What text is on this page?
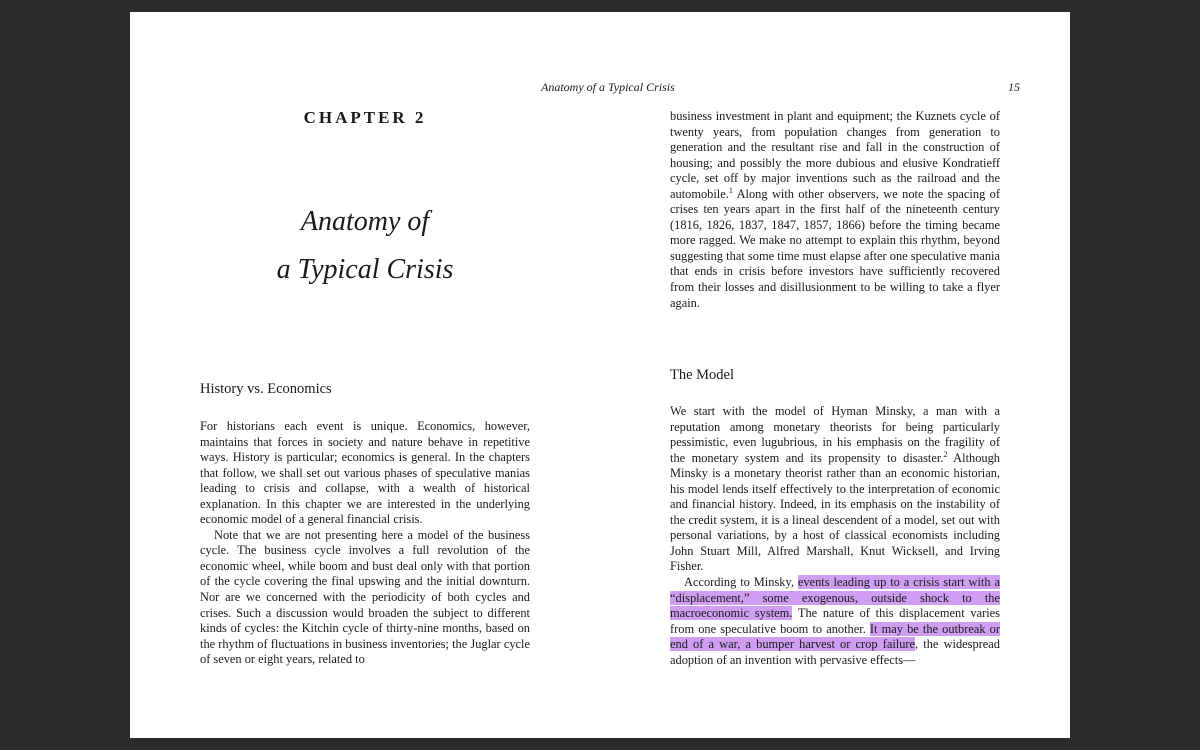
CHAPTER 2
Anatomy of
a Typical Crisis
History vs. Economics

For historians each event is unique. Economics, however, maintains that forces in society and nature behave in repetitive ways. History is particular; economics is general. In the chapters that follow, we shall set out various phases of speculative manias leading to crisis and collapse, with a wealth of historical explanation. In this chapter we are interested in the underlying economic model of a general financial crisis.

Note that we are not presenting here a model of the business cycle. The business cycle involves a full revolution of the economic wheel, while boom and bust deal only with that portion of the cycle covering the final upswing and the initial downturn. Nor are we concerned with the periodicity of both cycles and crises. Such a discussion would broaden the subject to different kinds of cycles: the Kitchin cycle of thirty-nine months, based on the rhythm of fluctuations in business inventories; the Juglar cycle of seven or eight years, related to

Anatomy of a Typical Crisis	15

business investment in plant and equipment; the Kuznets cycle of twenty years, from population changes from generation to generation and the resultant rise and fall in the construction of housing; and possibly the more dubious and elusive Kondratieff cycle, set off by major inventions such as the railroad and the automobile.$^1$ Along with other observers, we note the spacing of crises ten years apart in the first half of the nineteenth century (1816, 1826, 1837, 1847, 1857, 1866) before the timing became more ragged. We make no attempt to explain this rhythm, beyond suggesting that some time must elapse after one speculative mania that ends in crisis before investors have sufficiently recovered from their losses and disillusionment to be willing to take a flyer again.

The Model

We start with the model of Hyman Minsky, a man with a reputation among monetary theorists for being particularly pessimistic, even lugubrious, in his emphasis on the fragility of the monetary system and its propensity to disaster.$^2$ Although Minsky is a monetary theorist rather than an economic historian, his model lends itself effectively to the interpretation of economic and financial history. Indeed, in its emphasis on the instability of the credit system, it is a lineal descendent of a model, set out with personal variations, by a host of classical economists including John Stuart Mill, Alfred Marshall, Knut Wicksell, and Irving Fisher.

According to Minsky, events leading up to a crisis start with a “displacement,” some exogenous, outside shock to the macroeconomic system. The nature of this displacement varies from one speculative boom to another. It may be the outbreak or end of a war, a bumper harvest or crop failure, the widespread adoption of an invention with pervasive effects—
